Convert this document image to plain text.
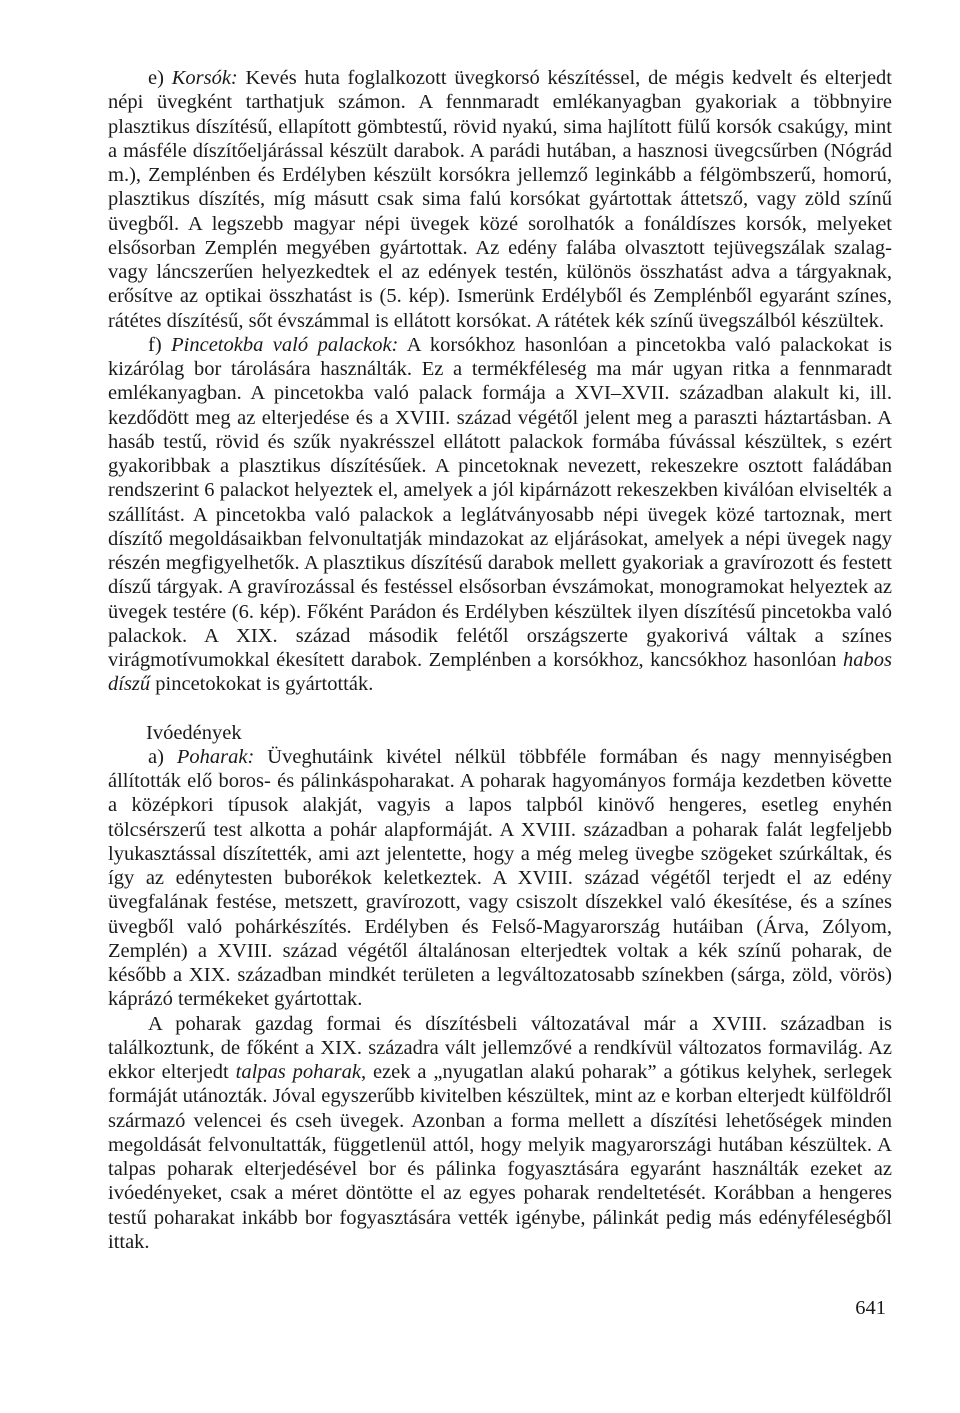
e) Korsók: Kevés huta foglalkozott üvegkorsó készítéssel, de mégis kedvelt és elterjedt népi üvegként tarthatjuk számon. A fennmaradt emlékanyagban gyakoriak a többnyire plasztikus díszítésű, ellapított gömbtestű, rövid nyakú, sima hajlított fülű korsók csakúgy, mint a másféle díszítőeljárással készült darabok. A parádi hutában, a hasznosi üvegcsűrben (Nógrád m.), Zemplénben és Erdélyben készült korsókra jellemző leginkább a félgömbszerű, homorú, plasztikus díszítés, míg másutt csak sima falú korsókat gyártottak áttetsző, vagy zöld színű üvegből. A legszebb magyar népi üvegek közé sorolhatók a fonáldíszes korsók, melyeket elsősorban Zemplén megyében gyártottak. Az edény falába olvasztott tejüvegszálak szalag- vagy láncszerűen helyezkedtek el az edények testén, különös összhatást adva a tárgyaknak, erősítve az optikai összhatást is (5. kép). Ismerünk Erdélyből és Zemplénből egyaránt színes, rátétes díszítésű, sőt évszámmal is ellátott korsókat. A rátétek kék színű üvegszálból készültek.

f) Pincetokba való palackok: A korsókhoz hasonlóan a pincetokba való palackokat is kizárólag bor tárolására használták. Ez a termékféleség ma már ugyan ritka a fennmaradt emlékanyagban. A pincetokba való palack formája a XVI–XVII. században alakult ki, ill. kezdődött meg az elterjedése és a XVIII. század végétől jelent meg a paraszti háztartásban. A hasáb testű, rövid és szűk nyakrésszel ellátott palackok formába fúvással készültek, s ezért gyakoribbak a plasztikus díszítésűek. A pincetoknak nevezett, rekeszekre osztott faládában rendszerint 6 palackot helyeztek el, amelyek a jól kipárnázott rekeszekben kiválóan elviselték a szállítást. A pincetokba való palackok a leglátványosabb népi üvegek közé tartoznak, mert díszítő megoldásaikban felvonultatják mindazokat az eljárásokat, amelyek a népi üvegek nagy részén megfigyelhetők. A plasztikus díszítésű darabok mellett gyakoriak a gravírozott és festett díszű tárgyak. A gravírozással és festéssel elsősorban évszámokat, monogramokat helyeztek az üvegek testére (6. kép). Főként Parádon és Erdélyben készültek ilyen díszítésű pincetokba való palackok. A XIX. század második felétől országszerte gyakorivá váltak a színes virágmotívumokkal ékesített darabok. Zemplénben a korsókhoz, kancsókhoz hasonlóan habos díszű pincetokokat is gyártották.

Ivóedények

a) Poharak: Üveghutáink kivétel nélkül többféle formában és nagy mennyiségben állították elő boros- és pálinkáspoharakat. A poharak hagyományos formája kezdetben követte a középkori típusok alakját, vagyis a lapos talpból kinövő hengeres, esetleg enyhén tölcsérszerű test alkotta a pohár alapformáját. A XVIII. században a poharak falát legfeljebb lyukasztással díszítették, ami azt jelentette, hogy a még meleg üvegbe szögeket szúrkáltak, és így az edénytesten buborékok keletkeztek. A XVIII. század végétől terjedt el az edény üvegfalának festése, metszett, gravírozott, vagy csiszolt díszekkel való ékesítése, és a színes üvegből való pohárkészítés. Erdélyben és Felső-Magyarország hutáiban (Árva, Zólyom, Zemplén) a XVIII. század végétől általánosan elterjedtek voltak a kék színű poharak, de később a XIX. században mindkét területen a legváltozatosabb színekben (sárga, zöld, vörös) káprázó termékeket gyártottak.

A poharak gazdag formai és díszítésbeli változatával már a XVIII. században is találkoztunk, de főként a XIX. századra vált jellemzővé a rendkívül változatos formavilág. Az ekkor elterjedt talpas poharak, ezek a „nyugatlan alakú poharak” a gótikus kelyhek, serlegek formáját utánozták. Jóval egyszerűbb kivitelben készültek, mint az e korban elterjedt külföldről származó velencei és cseh üvegek. Azonban a forma mellett a díszítési lehetőségek minden megoldását felvonultatták, függetlenül attól, hogy melyik magyarországi hutában készültek. A talpas poharak elterjedésével bor és pálinka fogyasztására egyaránt használták ezeket az ivóedényeket, csak a méret döntötte el az egyes poharak rendeltetését. Korábban a hengeres testű poharakat inkább bor fogyasztására vették igénybe, pálinkát pedig más edényféleségből ittak.

641
